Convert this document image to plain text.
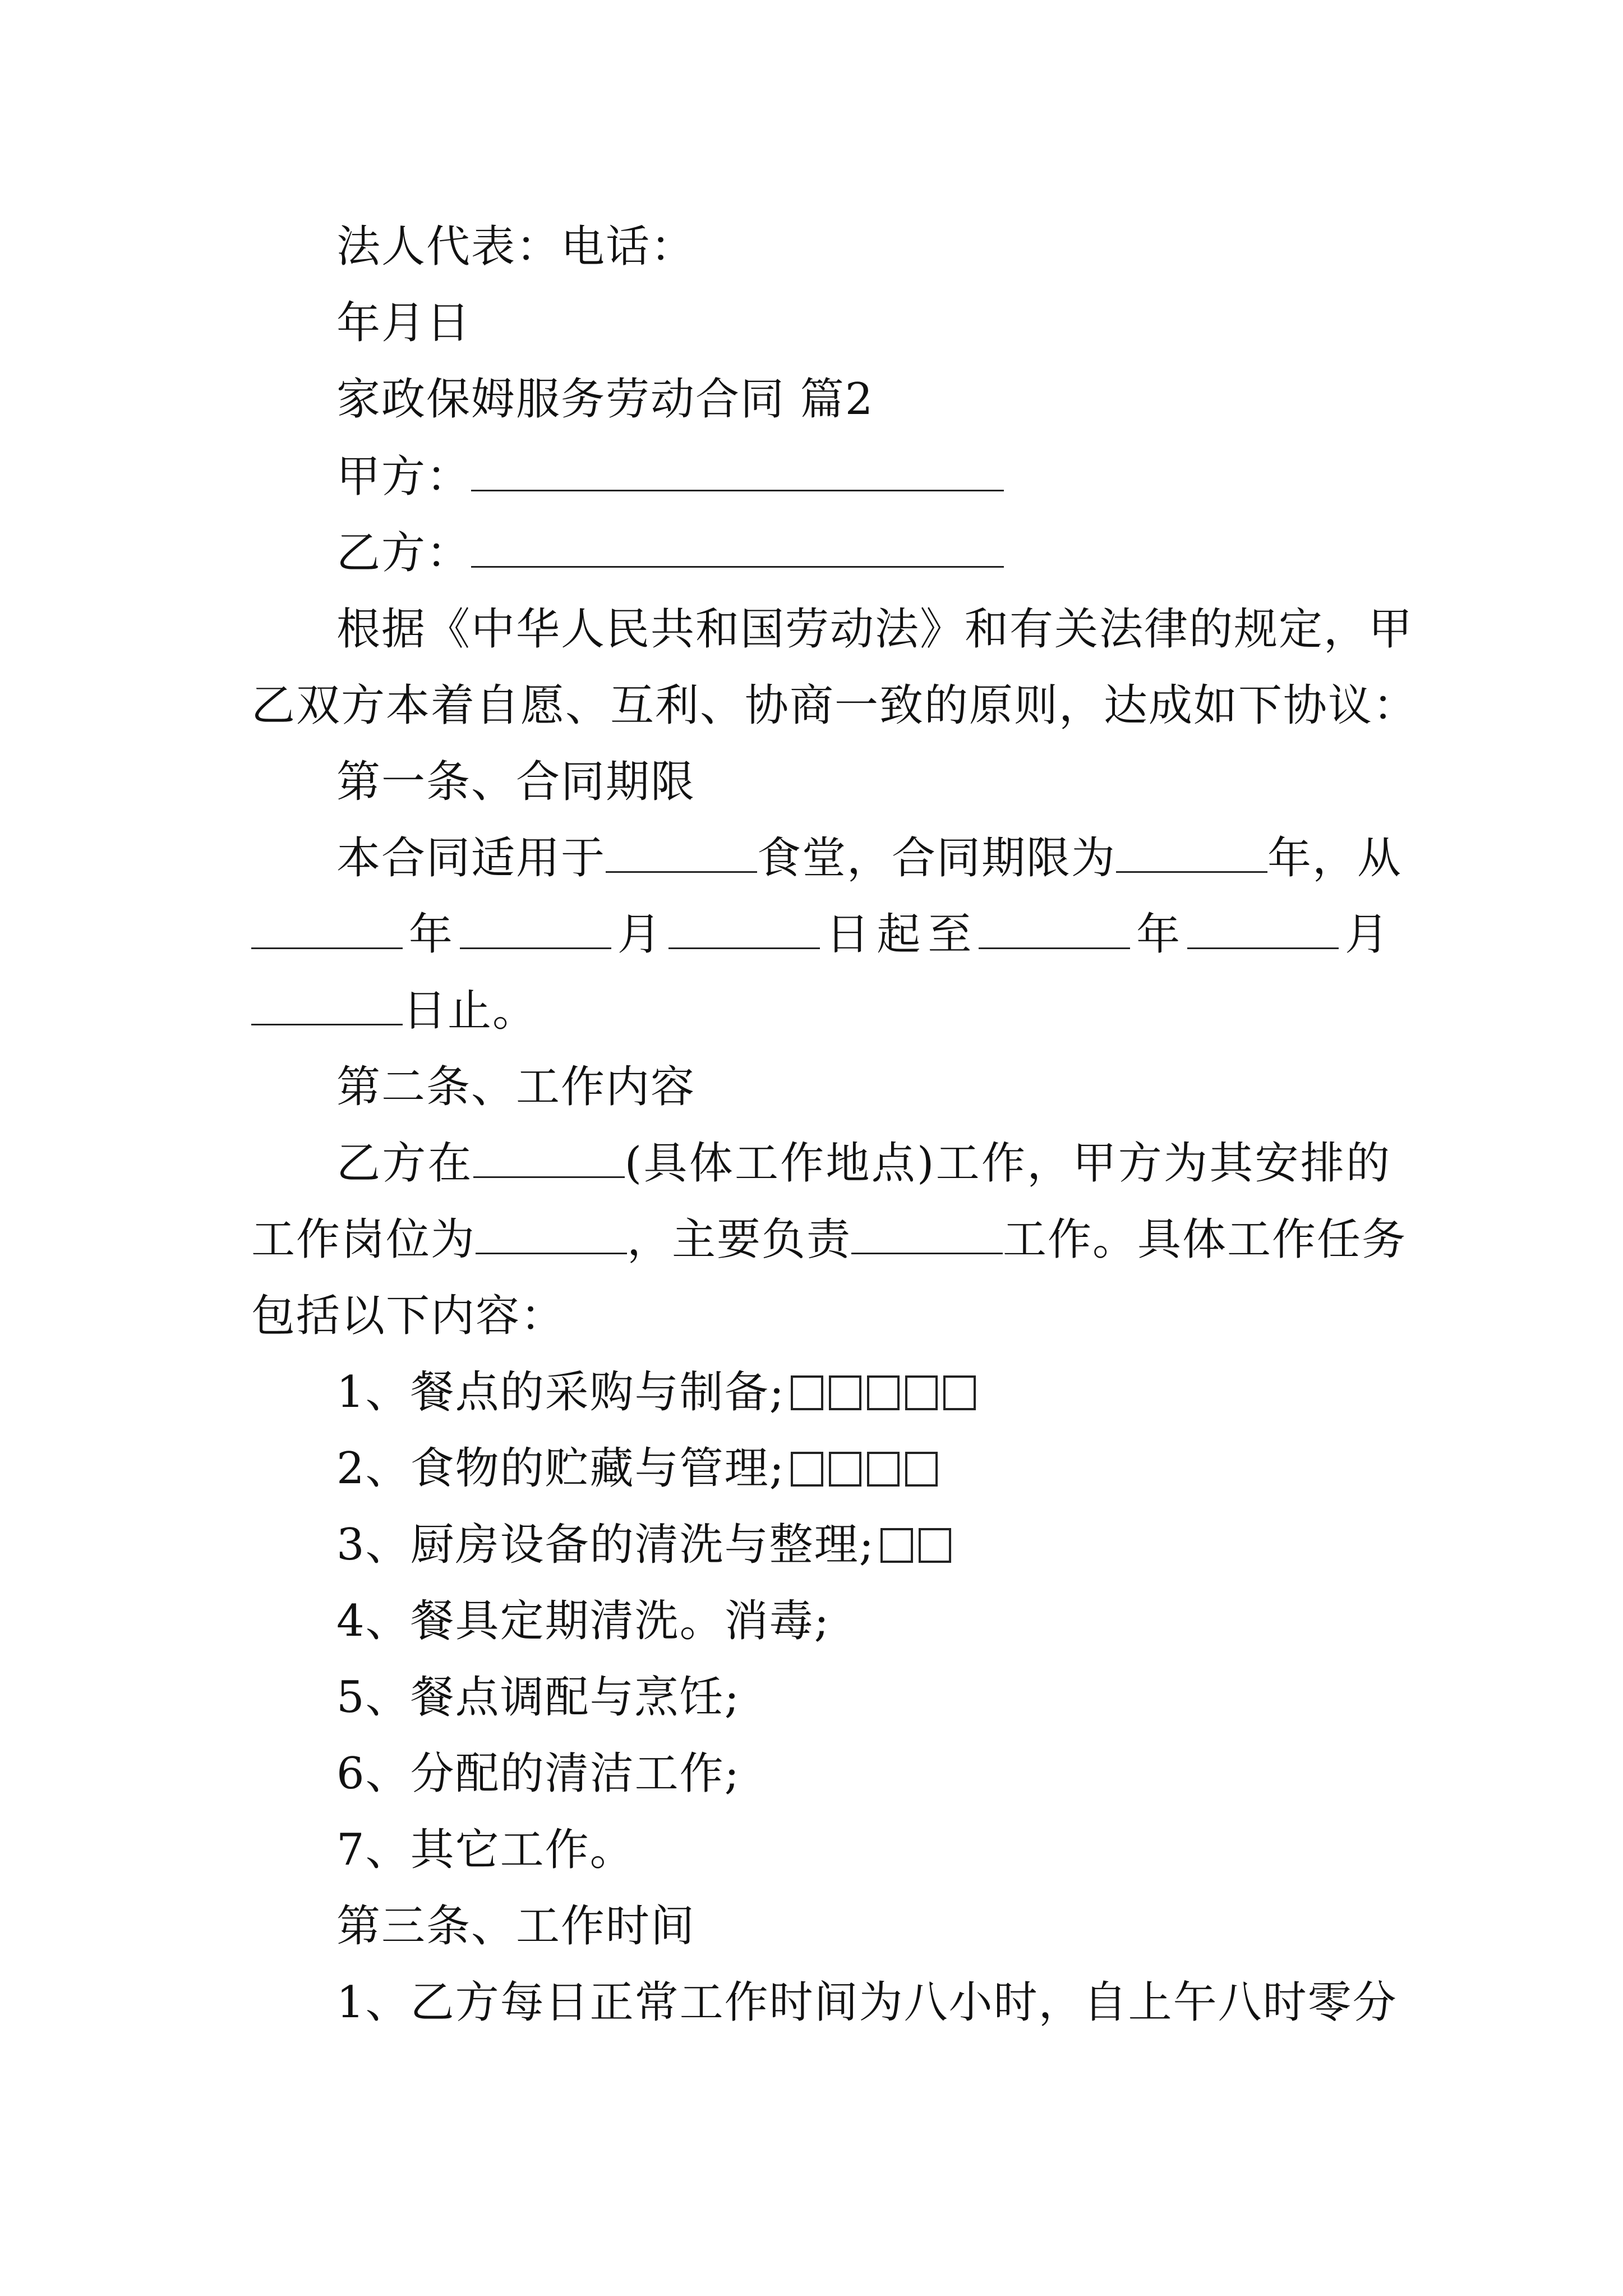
法人代表：电话：
年月日
家政保姆服务劳动合同 篇2
甲方：
乙方：
根据《中华人民共和国劳动法》和有关法律的规定，甲
乙双方本着自愿、互利、协商一致的原则，达成如下协议：
第一条、合同期限
本合同适用于	食堂，合同期限为	年，从
年	月	日起至	年	月
日止。
第二条、工作内容
乙方在	(具体工作地点)工作，甲方为其安排的
工作岗位为	，主要负责	工作。具体工作任务
包括以下内容：
1、餐点的采购与制备;
2、食物的贮藏与管理;
3、厨房设备的清洗与整理;
4、餐具定期清洗。消毒;
5、餐点调配与烹饪;
6、分配的清洁工作;
7、其它工作。
第三条、工作时间
1、乙方每日正常工作时间为八小时，自上午八时零分
